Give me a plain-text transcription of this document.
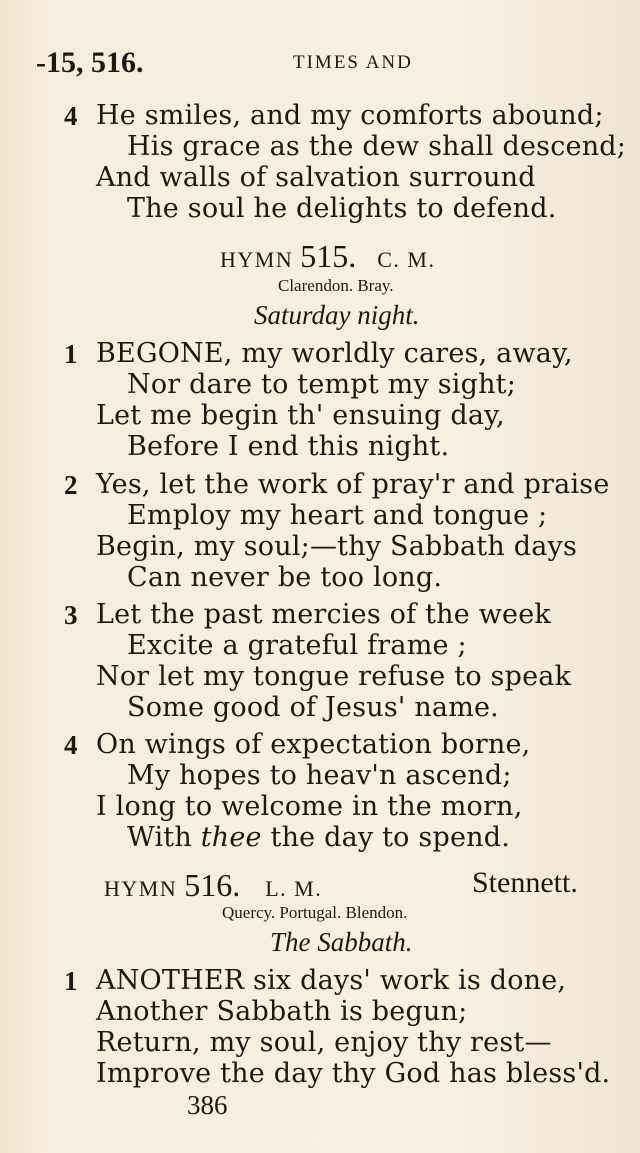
-15, 516.	TIMES AND
4 He smiles, and my comforts abound;
His grace as the dew shall descend;
And walls of salvation surround
The soul he delights to defend.
HYMN 515. C. M.
Clarendon. Bray.
Saturday night.
1 BEGONE, my worldly cares, away,
Nor dare to tempt my sight;
Let me begin th' ensuing day,
Before I end this night.
2 Yes, let the work of pray'r and praise
Employ my heart and tongue ;
Begin, my soul;—thy Sabbath days
Can never be too long.
3 Let the past mercies of the week
Excite a grateful frame ;
Nor let my tongue refuse to speak
Some good of Jesus' name.
4 On wings of expectation borne,
My hopes to heav'n ascend;
I long to welcome in the morn,
With thee the day to spend.
HYMN 516. L. M.	Stennett.
Quercy. Portugal. Blendon.
The Sabbath.
1 ANOTHER six days' work is done,
Another Sabbath is begun;
Return, my soul, enjoy thy rest—
Improve the day thy God has bless'd.
386
